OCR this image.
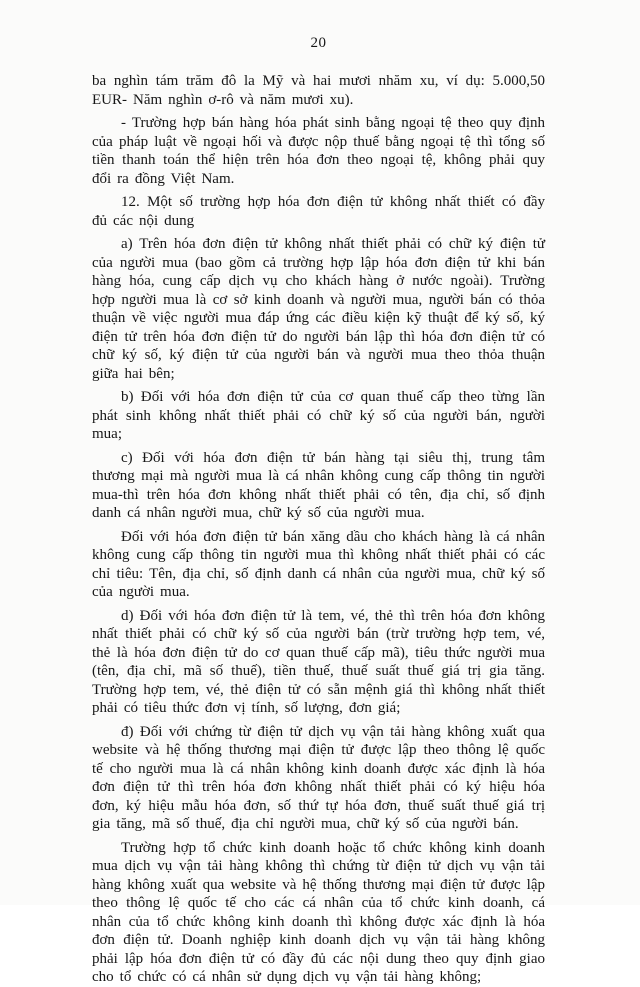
20

ba nghìn tám trăm đô la Mỹ và hai mươi nhăm xu, ví dụ: 5.000,50 EUR- Năm nghìn ơ-rô và năm mươi xu).

- Trường hợp bán hàng hóa phát sinh bằng ngoại tệ theo quy định của pháp luật về ngoại hối và được nộp thuế bằng ngoại tệ thì tổng số tiền thanh toán thể hiện trên hóa đơn theo ngoại tệ, không phải quy đổi ra đồng Việt Nam.

12. Một số trường hợp hóa đơn điện tử không nhất thiết có đầy đủ các nội dung

a) Trên hóa đơn điện tử không nhất thiết phải có chữ ký điện tử của người mua (bao gồm cả trường hợp lập hóa đơn điện tử khi bán hàng hóa, cung cấp dịch vụ cho khách hàng ở nước ngoài). Trường hợp người mua là cơ sở kinh doanh và người mua, người bán có thỏa thuận về việc người mua đáp ứng các điều kiện kỹ thuật để ký số, ký điện tử trên hóa đơn điện tử do người bán lập thì hóa đơn điện tử có chữ ký số, ký điện tử của người bán và người mua theo thỏa thuận giữa hai bên;

b) Đối với hóa đơn điện tử của cơ quan thuế cấp theo từng lần phát sinh không nhất thiết phải có chữ ký số của người bán, người mua;

c) Đối với hóa đơn điện tử bán hàng tại siêu thị, trung tâm thương mại mà người mua là cá nhân không cung cấp thông tin người mua-thì trên hóa đơn không nhất thiết phải có tên, địa chỉ, số định danh cá nhân người mua, chữ ký số của người mua.

Đối với hóa đơn điện tử bán xăng dầu cho khách hàng là cá nhân không cung cấp thông tin người mua thì không nhất thiết phải có các chỉ tiêu: Tên, địa chỉ, số định danh cá nhân của người mua, chữ ký số của người mua.

d) Đối với hóa đơn điện tử là tem, vé, thẻ thì trên hóa đơn không nhất thiết phải có chữ ký số của người bán (trừ trường hợp tem, vé, thẻ là hóa đơn điện tử do cơ quan thuế cấp mã), tiêu thức người mua (tên, địa chỉ, mã số thuế), tiền thuế, thuế suất thuế giá trị gia tăng. Trường hợp tem, vé, thẻ điện tử có sẵn mệnh giá thì không nhất thiết phải có tiêu thức đơn vị tính, số lượng, đơn giá;

đ) Đối với chứng từ điện tử dịch vụ vận tải hàng không xuất qua website và hệ thống thương mại điện tử được lập theo thông lệ quốc tế cho người mua là cá nhân không kinh doanh được xác định là hóa đơn điện tử thì trên hóa đơn không nhất thiết phải có ký hiệu hóa đơn, ký hiệu mẫu hóa đơn, số thứ tự hóa đơn, thuế suất thuế giá trị gia tăng, mã số thuế, địa chỉ người mua, chữ ký số của người bán.

Trường hợp tổ chức kinh doanh hoặc tổ chức không kinh doanh mua dịch vụ vận tải hàng không thì chứng từ điện tử dịch vụ vận tải hàng không xuất qua website và hệ thống thương mại điện tử được lập theo thông lệ quốc tế cho các cá nhân của tổ chức kinh doanh, cá nhân của tổ chức không kinh doanh thì không được xác định là hóa đơn điện tử. Doanh nghiệp kinh doanh dịch vụ vận tải hàng không phải lập hóa đơn điện tử có đầy đủ các nội dung theo quy định giao cho tổ chức có cá nhân sử dụng dịch vụ vận tải hàng không;
